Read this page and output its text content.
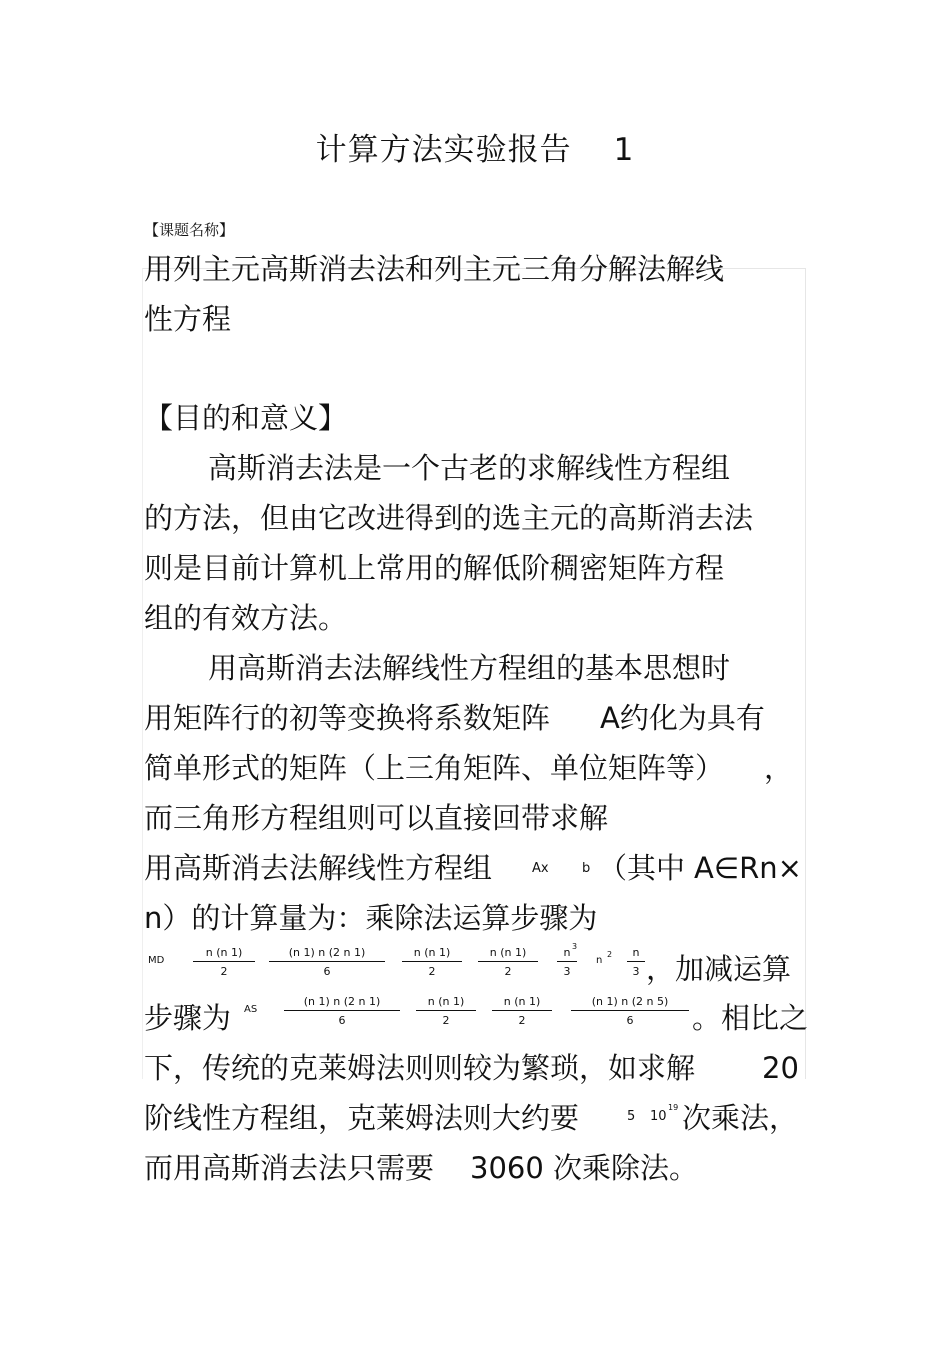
计算方法实验报告 1
【课题名称】
用列主元高斯消去法和列主元三角分解法解线
性方程
【目的和意义】
高斯消去法是一个古老的求解线性方程组
的方法，但由它改进得到的选主元的高斯消去法
则是目前计算机上常用的解低阶稠密矩阵方程
组的有效方法。
用高斯消去法解线性方程组的基本思想时
用矩阵行的初等变换将系数矩阵 A约化为具有
简单形式的矩阵（上三角矩阵、单位矩阵等） ，
而三角形方程组则可以直接回带求解
用高斯消去法解线性方程组	Ax	b （其中 A∈Rn×
n）的计算量为：乘除法运算步骤为
MD
n (n 1)
2
(n 1) n (2 n 1)
6
n (n 1)
2
n (n 1)
2
n
3
3
n
2	n
3 ，加减运算
步骤为 AS
(n 1) n (2 n 1)
6
n (n 1)
2
n (n 1)
2
(n 1) n (2 n 5)
6	。相比之
下，传统的克莱姆法则则较为繁琐，如求解 20
阶线性方程组，克莱姆法则大约要	5 10
19 次乘法，
而用高斯消去法只需要 3060 次乘除法。
